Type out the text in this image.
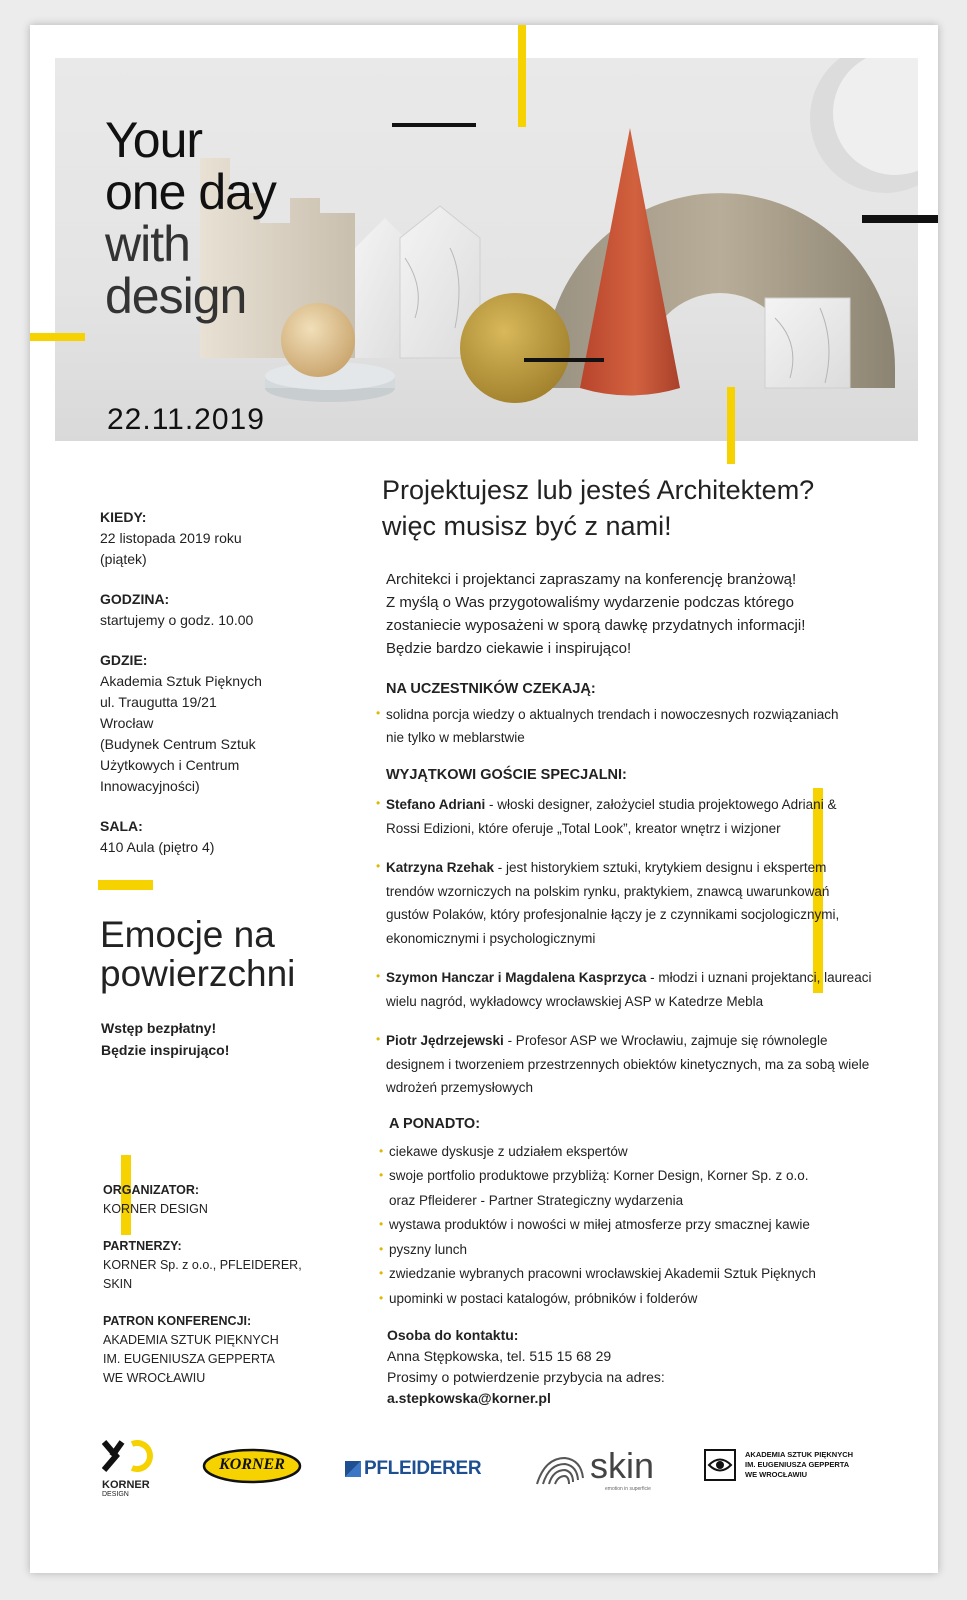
Your
one day
with
design
22.11.2019
KIEDY:
22 listopada 2019 roku
(piątek)
GODZINA:
startujemy o godz. 10.00
GDZIE:
Akademia Sztuk Pięknych
ul. Traugutta 19/21
Wrocław
(Budynek Centrum Sztuk
Użytkowych i Centrum
Innowacyjności)
SALA:
410 Aula (piętro 4)
Emocje na
powierzchni
Wstęp bezpłatny!
Będzie inspirująco!
ORGANIZATOR:
KORNER DESIGN
PARTNERZY:
KORNER Sp. z o.o., PFLEIDERER,
SKIN
PATRON KONFERENCJI:
AKADEMIA SZTUK PIĘKNYCH
IM. EUGENIUSZA GEPPERTA
WE WROCŁAWIU
Projektujesz lub jesteś Architektem?
więc musisz być z nami!
Architekci i projektanci zapraszamy na konferencję branżową!
Z myślą o Was przygotowaliśmy wydarzenie podczas którego
zostaniecie wyposażeni w sporą dawkę przydatnych informacji!
Będzie bardzo ciekawie i inspirująco!
NA UCZESTNIKÓW CZEKAJĄ:
• solidna porcja wiedzy o aktualnych trendach i nowoczesnych rozwiązaniach
nie tylko w meblarstwie
WYJĄTKOWI GOŚCIE SPECJALNI:
• Stefano Adriani - włoski designer, założyciel studia projektowego Adriani & Rossi Edizioni, które oferuje „Total Look”, kreator wnętrz i wizjoner
• Katrzyna Rzehak - jest historykiem sztuki, krytykiem designu i ekspertem trendów wzorniczych na polskim rynku, praktykiem, znawcą uwarunkowań gustów Polaków, który profesjonalnie łączy je z czynnikami socjologicznymi, ekonomicznymi i psychologicznymi
• Szymon Hanczar i Magdalena Kasprzyca - młodzi i uznani projektanci, laureaci wielu nagród, wykładowcy wrocławskiej ASP w Katedrze Mebla
• Piotr Jędrzejewski - Profesor ASP we Wrocławiu, zajmuje się równolegle designem i tworzeniem przestrzennych obiektów kinetycznych, ma za sobą wiele wdrożeń przemysłowych
A PONADTO:
• ciekawe dyskusje z udziałem ekspertów
• swoje portfolio produktowe przybliżą: Korner Design, Korner Sp. z o.o.
oraz Pfleiderer - Partner Strategiczny wydarzenia
• wystawa produktów i nowości w miłej atmosferze przy smacznej kawie
• pyszny lunch
• zwiedzanie wybranych pracowni wrocławskiej Akademii Sztuk Pięknych
• upominki w postaci katalogów, próbników i folderów
Osoba do kontaktu:
Anna Stępkowska, tel. 515 15 68 29
Prosimy o potwierdzenie przybycia na adres:
a.stepkowska@korner.pl
KORNER
DESIGN
KORNER	PFLEIDERER	skin
emotion in superficie
AKADEMIA SZTUK PIĘKNYCH
IM. EUGENIUSZA GEPPERTA
WE WROCŁAWIU
